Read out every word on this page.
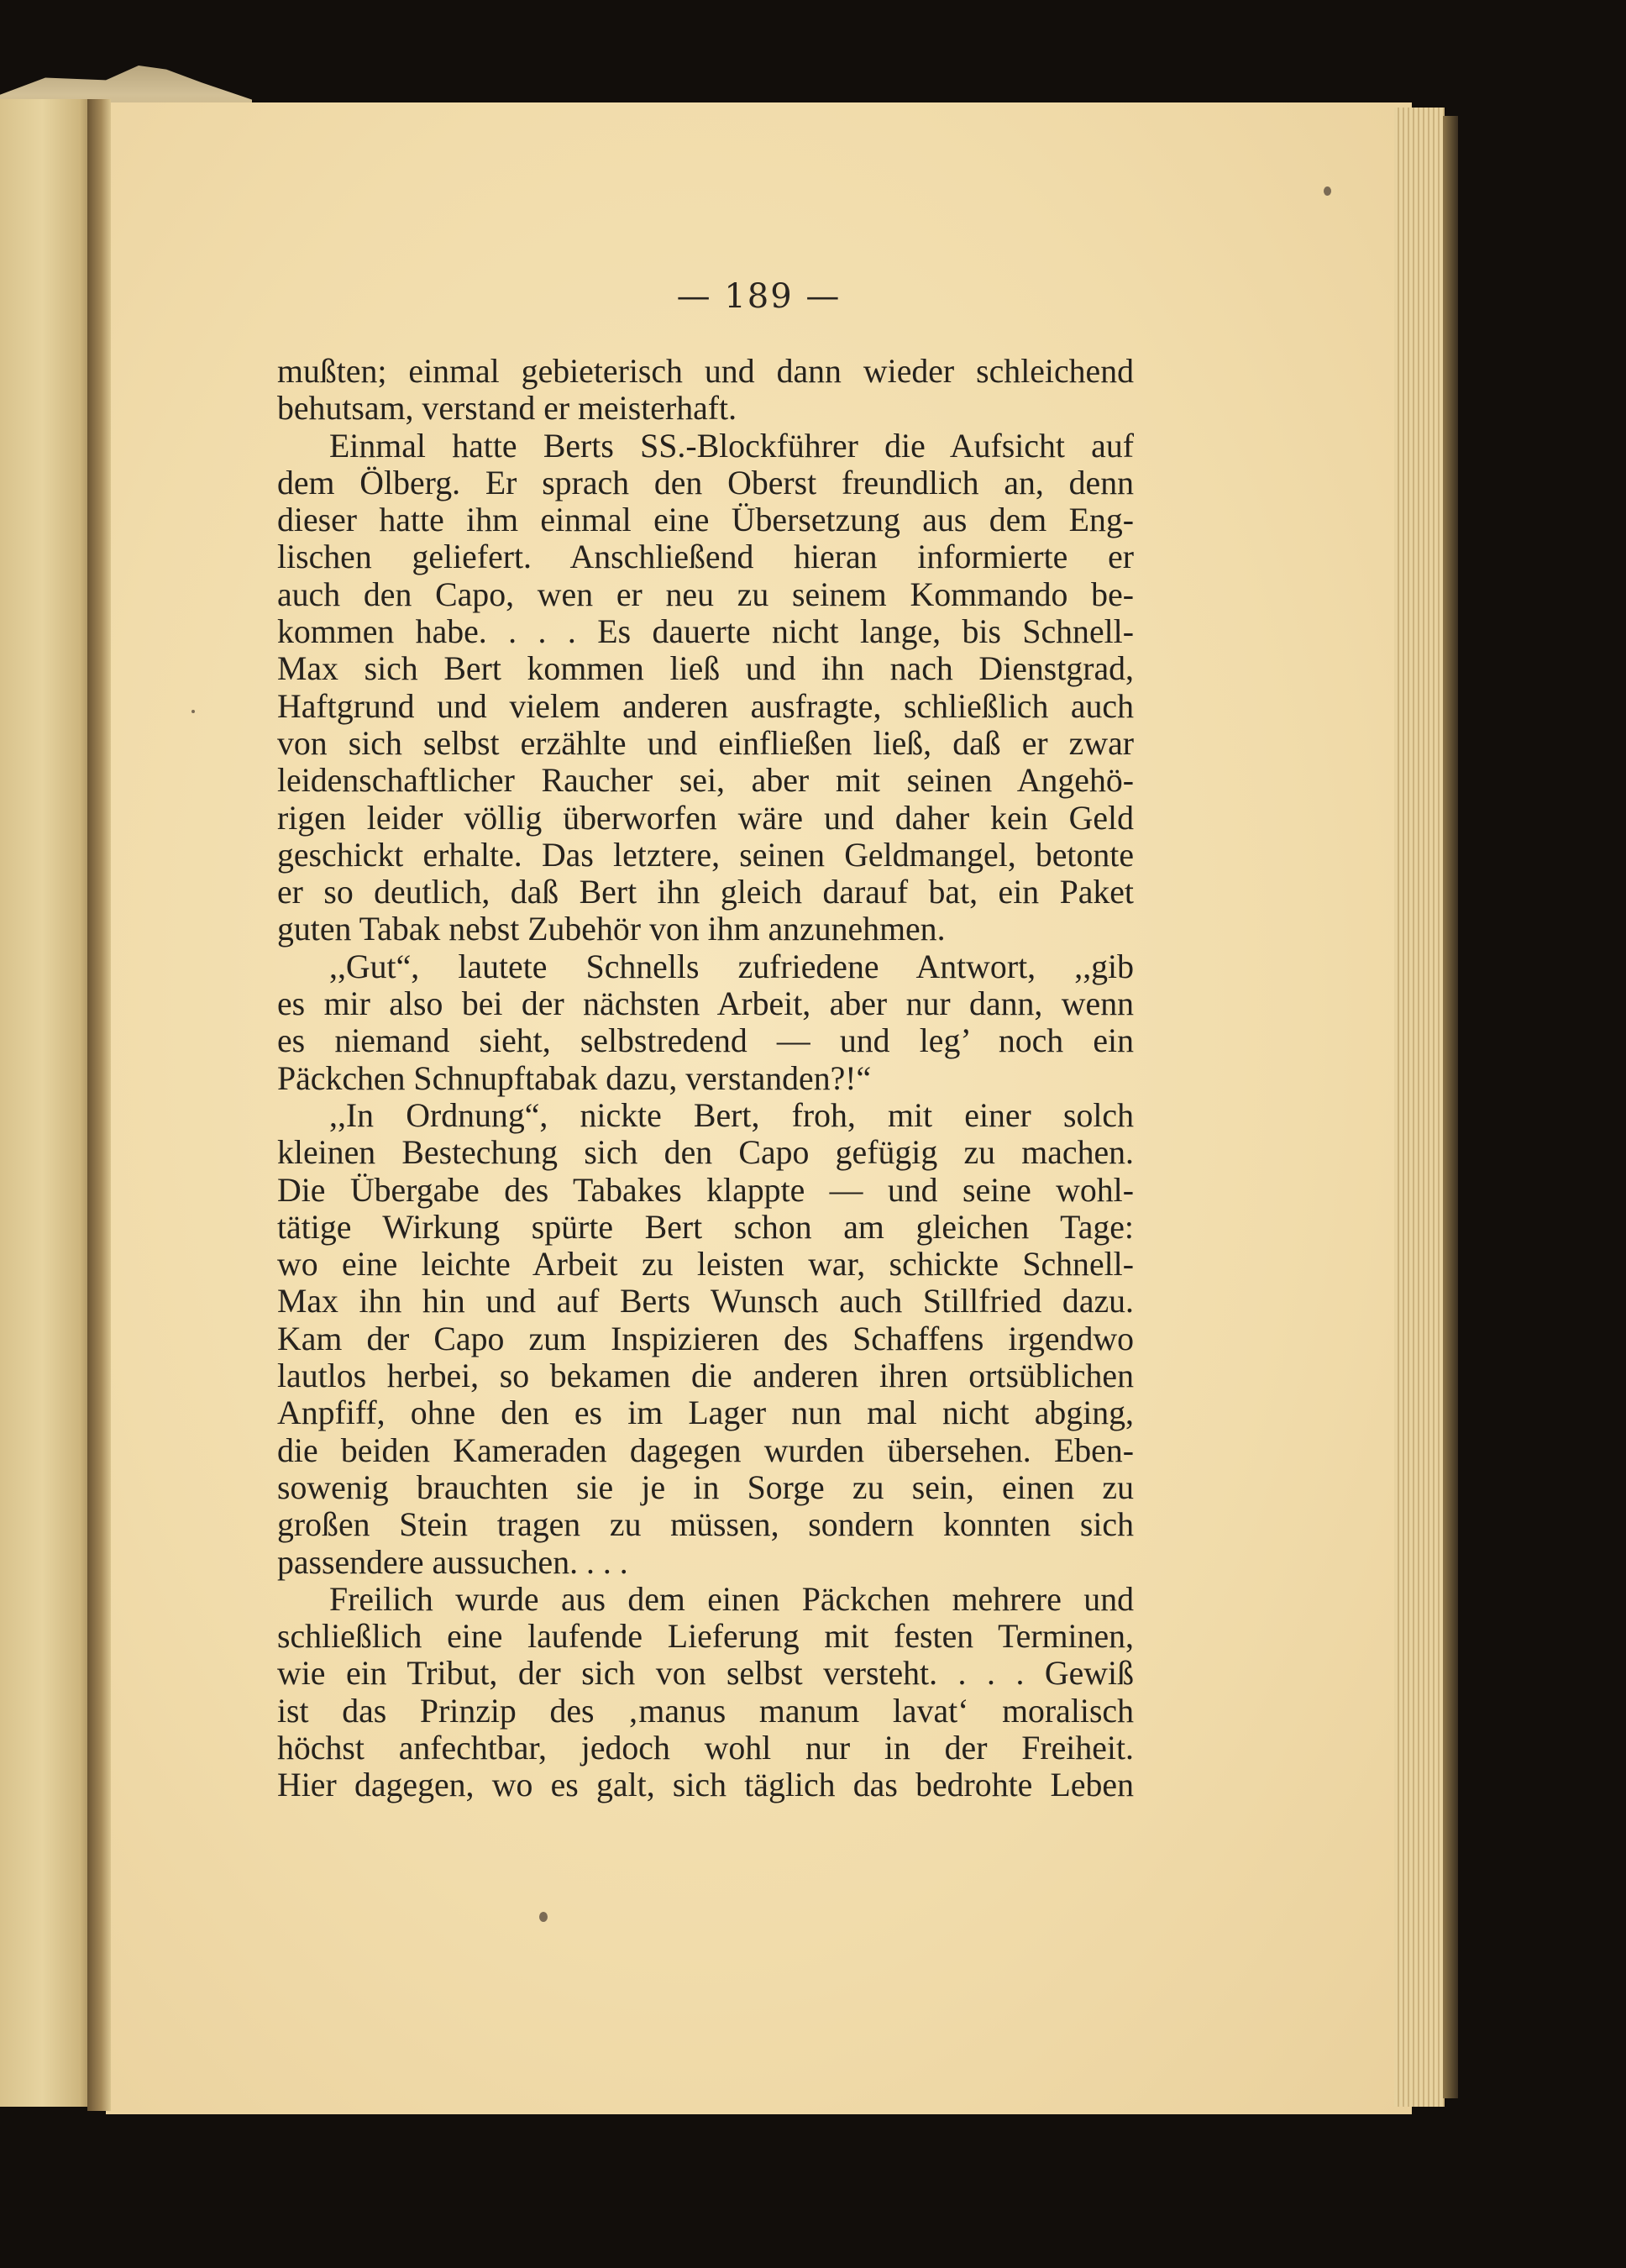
— 189 —
mußten; einmal gebieterisch und dann wieder schleichend
behutsam, verstand er meisterhaft.
Einmal hatte Berts SS.-Blockführer die Aufsicht auf
dem Ölberg. Er sprach den Oberst freundlich an, denn
dieser hatte ihm einmal eine Übersetzung aus dem Eng-
lischen geliefert. Anschließend hieran informierte er
auch den Capo, wen er neu zu seinem Kommando be-
kommen habe. . . . Es dauerte nicht lange, bis Schnell-
Max sich Bert kommen ließ und ihn nach Dienstgrad,
Haftgrund und vielem anderen ausfragte, schließlich auch
von sich selbst erzählte und einfließen ließ, daß er zwar
leidenschaftlicher Raucher sei, aber mit seinen Angehö-
rigen leider völlig überworfen wäre und daher kein Geld
geschickt erhalte. Das letztere, seinen Geldmangel, betonte
er so deutlich, daß Bert ihn gleich darauf bat, ein Paket
guten Tabak nebst Zubehör von ihm anzunehmen.
,,Gut“, lautete Schnells zufriedene Antwort, ,,gib
es mir also bei der nächsten Arbeit, aber nur dann, wenn
es niemand sieht, selbstredend — und leg’ noch ein
Päckchen Schnupftabak dazu, verstanden?!“
,,In Ordnung“, nickte Bert, froh, mit einer solch
kleinen Bestechung sich den Capo gefügig zu machen.
Die Übergabe des Tabakes klappte — und seine wohl-
tätige Wirkung spürte Bert schon am gleichen Tage:
wo eine leichte Arbeit zu leisten war, schickte Schnell-
Max ihn hin und auf Berts Wunsch auch Stillfried dazu.
Kam der Capo zum Inspizieren des Schaffens irgendwo
lautlos herbei, so bekamen die anderen ihren ortsüblichen
Anpfiff, ohne den es im Lager nun mal nicht abging,
die beiden Kameraden dagegen wurden übersehen. Eben-
sowenig brauchten sie je in Sorge zu sein, einen zu
großen Stein tragen zu müssen, sondern konnten sich
passendere aussuchen. . . .
Freilich wurde aus dem einen Päckchen mehrere und
schließlich eine laufende Lieferung mit festen Terminen,
wie ein Tribut, der sich von selbst versteht. . . . Gewiß
ist das Prinzip des ‚manus manum lavat‘ moralisch
höchst anfechtbar, jedoch wohl nur in der Freiheit.
Hier dagegen, wo es galt, sich täglich das bedrohte Leben
